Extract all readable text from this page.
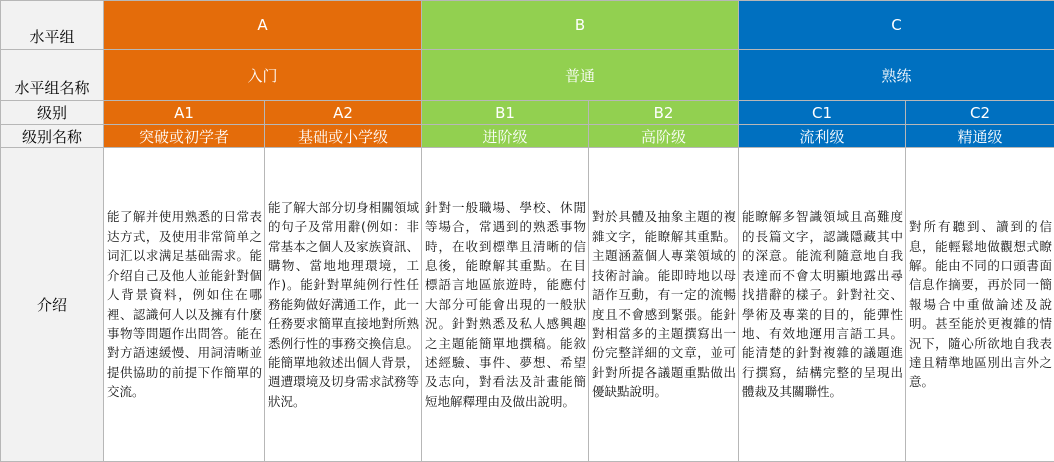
水平组	A		B		C	
水平组名称	入门		普通		熟练	
级别	A1	A2	B1	B2	C1	C2
级别名称	突破或初学者	基础或小学级	进阶级	高阶级	流利级	精通级
介绍	能了解并使用熟悉的日常表达方式，及使用非常简单之词汇以求满足基础需求。能介绍自己及他人並能針對個人背景資料，例如住在哪裡、認識何人以及擁有什麼事物等問題作出問答。能在對方語速緩慢、用詞清晰並提供協助的前提下作簡單的交流。	能了解大部分切身相關領域的句子及常用辭(例如：非常基本之個人及家族資訊、購物、當地地理環境，工作)。能針對單純例行性任務能夠做好溝通工作，此一任務要求簡單直接地對所熟悉例行性的事務交換信息。能簡單地敘述出個人背景，週遭環境及切身需求試務等狀況。	針對一般職場、學校、休閒等場合，常遇到的熟悉事物時，在收到標準且清晰的信息後，能瞭解其重點。在目標語言地區旅遊時，能應付大部分可能會出現的一般狀況。針對熟悉及私人感興趣之主題能簡單地撰稿。能敘述經驗、事件、夢想、希望及志向，對看法及計畫能簡短地解釋理由及做出說明。	對於具體及抽象主題的複雜文字，能瞭解其重點。主題涵蓋個人專業領域的技術討論。能即時地以母語作互動，有一定的流暢度且不會感到緊張。能針對相當多的主題撰寫出一份完整詳細的文章，並可針對所提各議題重點做出優缺點說明。	能瞭解多智識領域且高難度的長篇文字，認識隱藏其中的深意。能流利隨意地自我表達而不會太明顯地露出尋找措辭的樣子。針對社交、學術及專業的目的，能彈性地、有效地運用言語工具。能清楚的針對複雜的議題進行撰寫，結構完整的呈現出體裁及其關聯性。	對所有聽到、讀到的信息，能輕鬆地做觀想式瞭解。能由不同的口頭書面信息作摘要，再於同一簡報場合中重做論述及說明。甚至能於更複雜的情況下，隨心所欲地自我表達且精準地區別出言外之意。
